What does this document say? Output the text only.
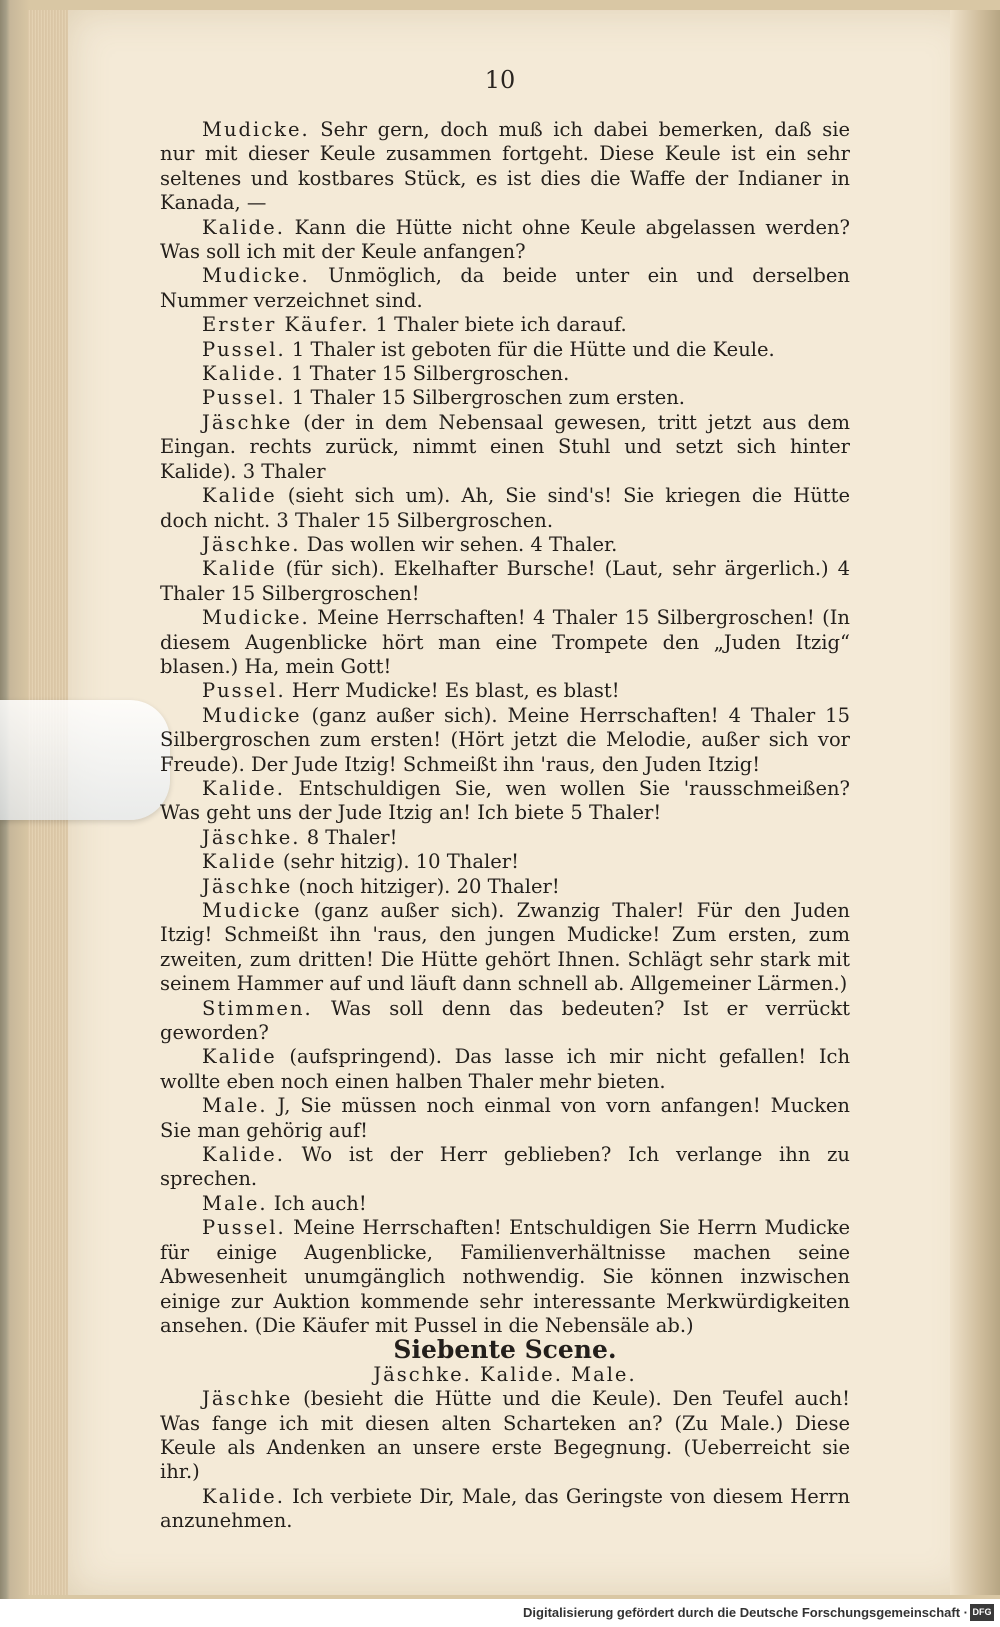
10

Mudicke. Sehr gern, doch muß ich dabei bemerken, daß sie nur mit dieser Keule zusammen fortgeht. Diese Keule ist ein sehr seltenes und kostbares Stück, es ist dies die Waffe der Indianer in Kanada, —

Kalide. Kann die Hütte nicht ohne Keule abgelassen werden? Was soll ich mit der Keule anfangen?

Mudicke. Unmöglich, da beide unter ein und derselben Nummer verzeichnet sind.

Erster Käufer. 1 Thaler biete ich darauf.

Pussel. 1 Thaler ist geboten für die Hütte und die Keule.

Kalide. 1 Thater 15 Silbergroschen.

Pussel. 1 Thaler 15 Silbergroschen zum ersten.

Jäschke (der in dem Nebensaal gewesen, tritt jetzt aus dem Eingan. rechts zurück, nimmt einen Stuhl und setzt sich hinter Kalide). 3 Thaler

Kalide (sieht sich um). Ah, Sie sind's! Sie kriegen die Hütte doch nicht. 3 Thaler 15 Silbergroschen.

Jäschke. Das wollen wir sehen. 4 Thaler.

Kalide (für sich). Ekelhafter Bursche! (Laut, sehr ärgerlich.) 4 Thaler 15 Silbergroschen!

Mudicke. Meine Herrschaften! 4 Thaler 15 Silbergroschen! (In diesem Augenblicke hört man eine Trompete den „Juden Itzig“ blasen.) Ha, mein Gott!

Pussel. Herr Mudicke! Es blast, es blast!

Mudicke (ganz außer sich). Meine Herrschaften! 4 Thaler 15 Silbergroschen zum ersten! (Hört jetzt die Melodie, außer sich vor Freude). Der Jude Itzig! Schmeißt ihn 'raus, den Juden Itzig!

Kalide. Entschuldigen Sie, wen wollen Sie 'rausschmeißen? Was geht uns der Jude Itzig an! Ich biete 5 Thaler!

Jäschke. 8 Thaler!

Kalide (sehr hitzig). 10 Thaler!

Jäschke (noch hitziger). 20 Thaler!

Mudicke (ganz außer sich). Zwanzig Thaler! Für den Juden Itzig! Schmeißt ihn 'raus, den jungen Mudicke! Zum ersten, zum zweiten, zum dritten! Die Hütte gehört Ihnen. Schlägt sehr stark mit seinem Hammer auf und läuft dann schnell ab. Allgemeiner Lärmen.)

Stimmen. Was soll denn das bedeuten? Ist er verrückt geworden?

Kalide (aufspringend). Das lasse ich mir nicht gefallen! Ich wollte eben noch einen halben Thaler mehr bieten.

Male. J, Sie müssen noch einmal von vorn anfangen! Mucken Sie man gehörig auf!

Kalide. Wo ist der Herr geblieben? Ich verlange ihn zu sprechen.

Male. Ich auch!

Pussel. Meine Herrschaften! Entschuldigen Sie Herrn Mudicke für einige Augenblicke, Familienverhältnisse machen seine Abwesenheit unumgänglich nothwendig. Sie können inzwischen einige zur Auktion kommende sehr interessante Merkwürdigkeiten ansehen. (Die Käufer mit Pussel in die Nebensäle ab.)

Siebente Scene.

Jäschke. Kalide. Male.

Jäschke (besieht die Hütte und die Keule). Den Teufel auch! Was fange ich mit diesen alten Scharteken an? (Zu Male.) Diese Keule als Andenken an unsere erste Begegnung. (Ueberreicht sie ihr.)

Kalide. Ich verbiete Dir, Male, das Geringste von diesem Herrn anzunehmen.

Digitalisierung gefördert durch die Deutsche Forschungsgemeinschaft · DFG
